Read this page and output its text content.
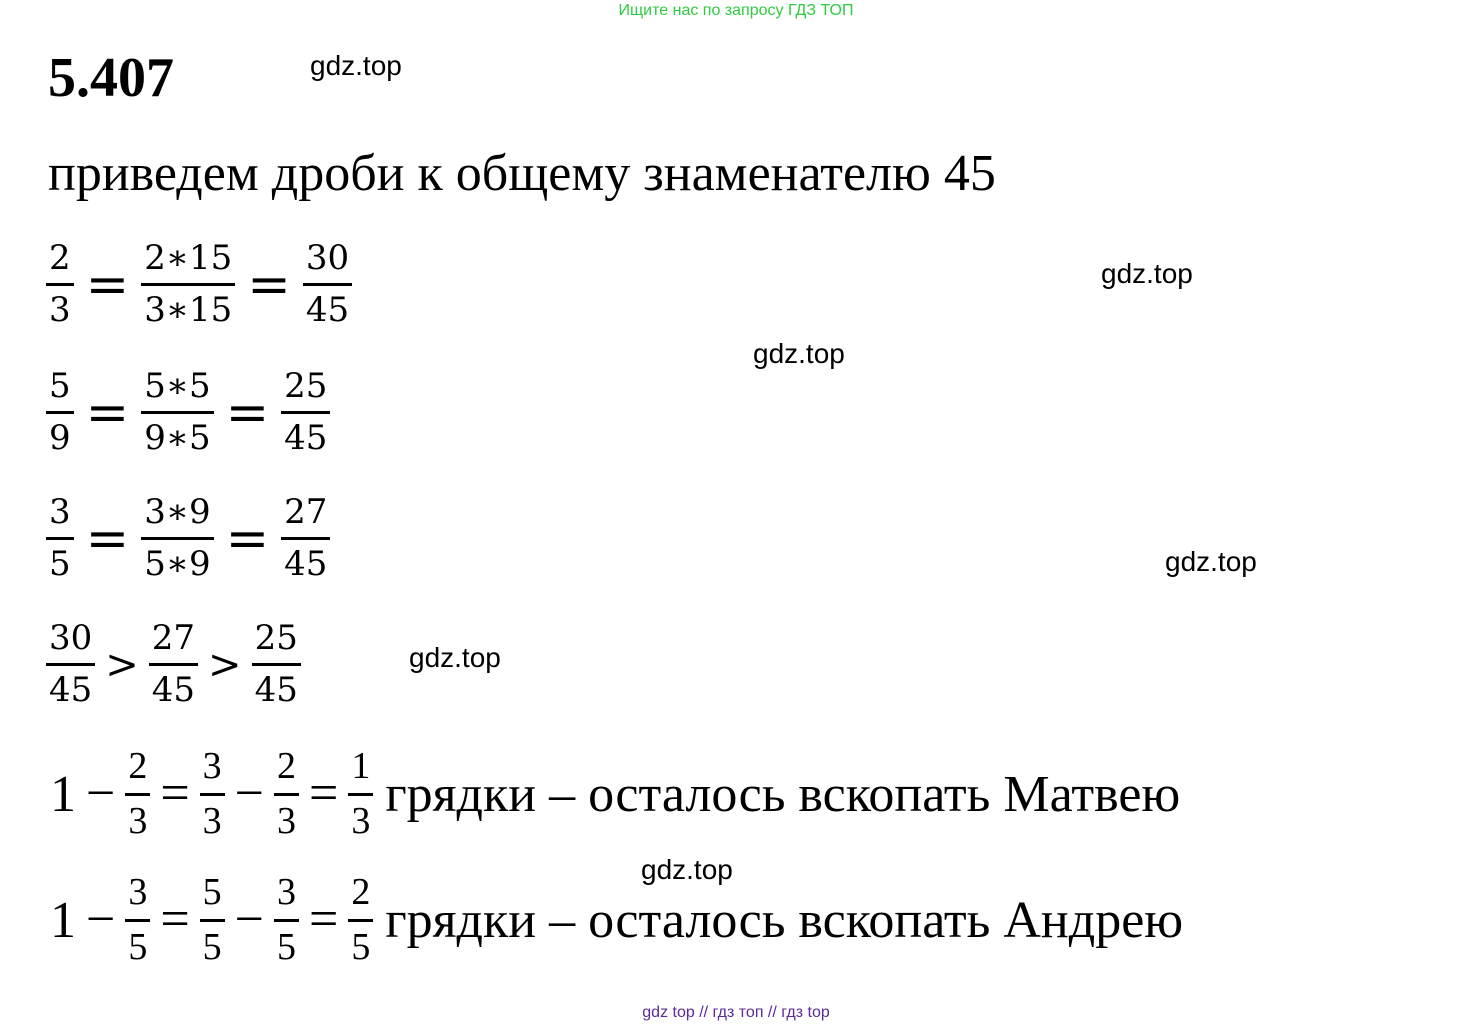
Ищите нас по запросу ГДЗ ТОП
5.407
приведем дроби к общему знаменателю 45
gdz.top
gdz.top
gdz.top
gdz.top
gdz.top
gdz.top
$\frac{2}{3} = \frac{2∗15}{3∗15} = \frac{30}{45}$
$\frac{5}{9} = \frac{5∗5}{9∗5} = \frac{25}{45}$
$\frac{3}{5} = \frac{3∗9}{5∗9} = \frac{27}{45}$
$\frac{30}{45} > \frac{27}{45} > \frac{25}{45}$
$1 - \frac{2}{3} = \frac{3}{3} - \frac{2}{3} = \frac{1}{3}$ грядки – осталось вскопать Матвею
$1 - \frac{3}{5} = \frac{5}{5} - \frac{3}{5} = \frac{2}{5}$ грядки – осталось вскопать Андрею
gdz top // гдз топ // гдз top
